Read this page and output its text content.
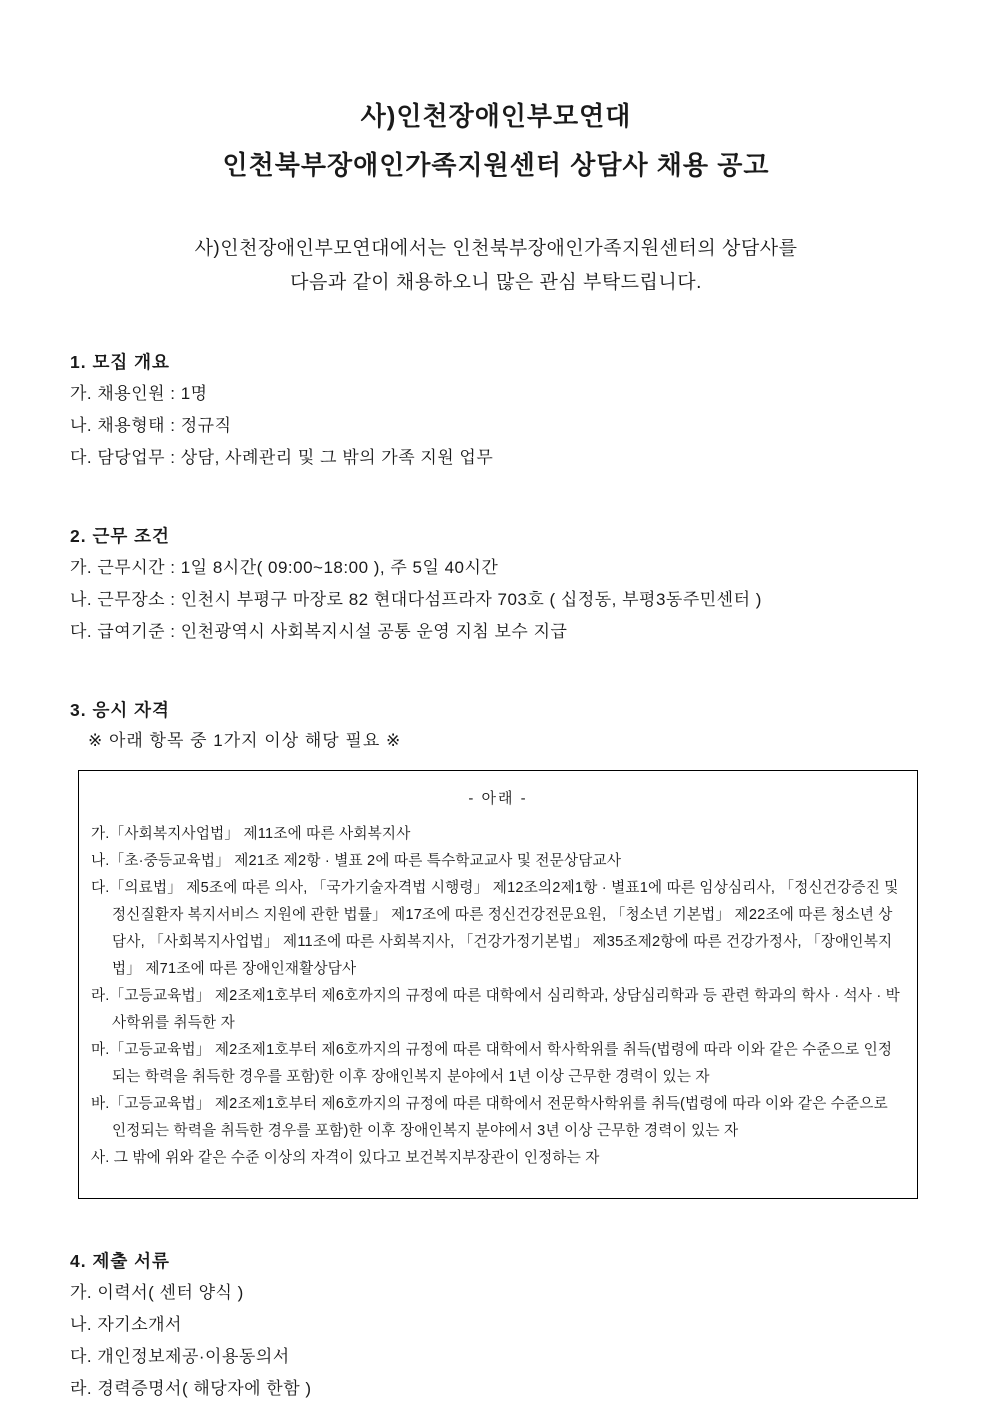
사)인천장애인부모연대
인천북부장애인가족지원센터 상담사 채용 공고

사)인천장애인부모연대에서는 인천북부장애인가족지원센터의 상담사를

다음과 같이 채용하오니 많은 관심 부탁드립니다.

1. 모집 개요

가. 채용인원 : 1명

나. 채용형태 : 정규직

다. 담당업무 : 상담, 사례관리 및 그 밖의 가족 지원 업무

2. 근무 조건

가. 근무시간 : 1일 8시간( 09:00~18:00 ), 주 5일 40시간

나. 근무장소 : 인천시 부평구 마장로 82 현대다섬프라자 703호 ( 십정동, 부평3동주민센터 )

다. 급여기준 : 인천광역시 사회복지시설 공통 운영 지침 보수 지급

3. 응시 자격

※ 아래 항목 중 1가지 이상 해당 필요 ※

- 아래 -

가.「사회복지사업법」 제11조에 따른 사회복지사

나.「초·중등교육법」 제21조 제2항 · 별표 2에 따른 특수학교교사 및 전문상담교사

다.「의료법」 제5조에 따른 의사, 「국가기술자격법 시행령」 제12조의2제1항 · 별표1에 따른 임상심리사, 「정신건강증진 및 정신질환자 복지서비스 지원에 관한 법률」 제17조에 따른 정신건강전문요원, 「청소년 기본법」 제22조에 따른 청소년 상담사, 「사회복지사업법」 제11조에 따른 사회복지사, 「건강가정기본법」 제35조제2항에 따른 건강가정사, 「장애인복지법」 제71조에 따른 장애인재활상담사

라.「고등교육법」 제2조제1호부터 제6호까지의 규정에 따른 대학에서 심리학과, 상담심리학과 등 관련 학과의 학사 · 석사 · 박사학위를 취득한 자

마.「고등교육법」 제2조제1호부터 제6호까지의 규정에 따른 대학에서 학사학위를 취득(법령에 따라 이와 같은 수준으로 인정되는 학력을 취득한 경우를 포함)한 이후 장애인복지 분야에서 1년 이상 근무한 경력이 있는 자

바.「고등교육법」 제2조제1호부터 제6호까지의 규정에 따른 대학에서 전문학사학위를 취득(법령에 따라 이와 같은 수준으로 인정되는 학력을 취득한 경우를 포함)한 이후 장애인복지 분야에서 3년 이상 근무한 경력이 있는 자

사. 그 밖에 위와 같은 수준 이상의 자격이 있다고 보건복지부장관이 인정하는 자

4. 제출 서류

가. 이력서( 센터 양식 )

나. 자기소개서

다. 개인정보제공·이용동의서

라. 경력증명서( 해당자에 한함 )
